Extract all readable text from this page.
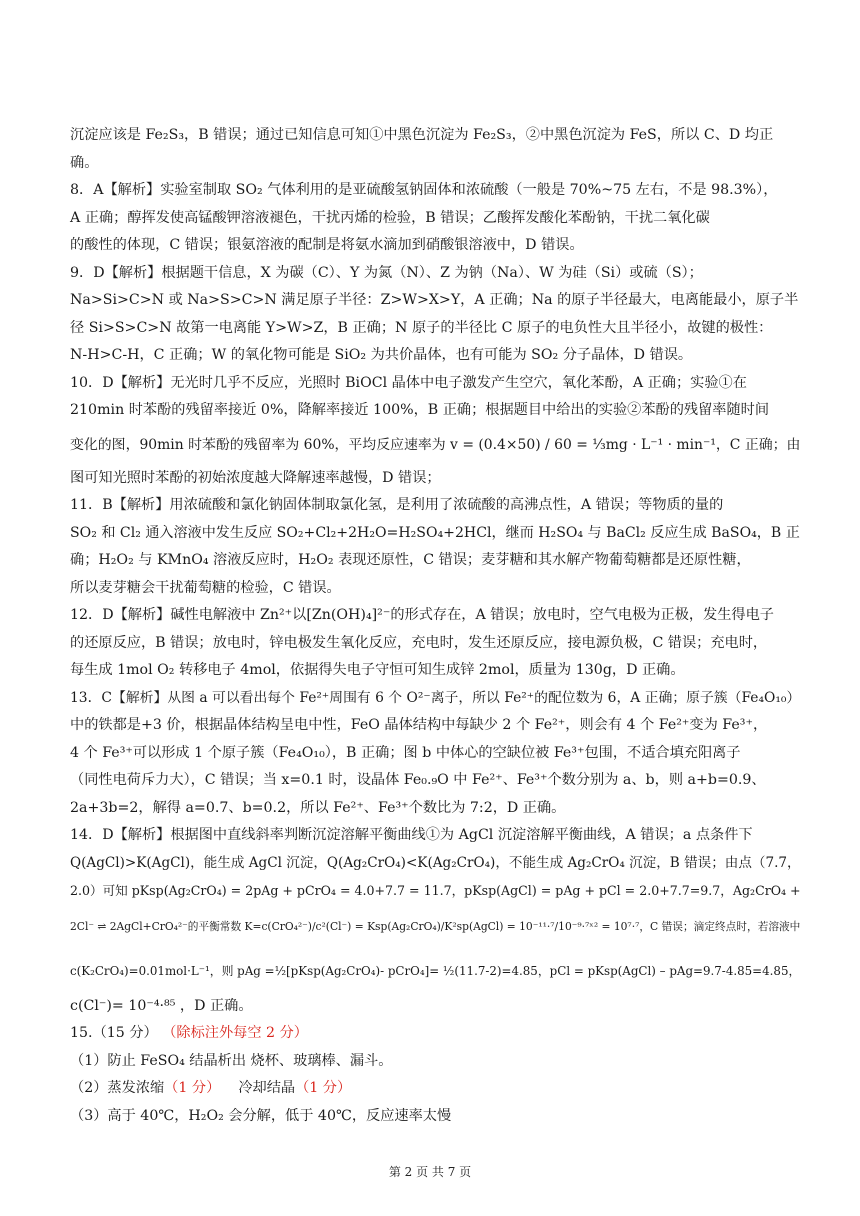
沉淀应该是 Fe₂S₃，B 错误；通过已知信息可知①中黑色沉淀为 Fe₂S₃，②中黑色沉淀为 FeS，所以 C、D 均正
确。
8．A【解析】实验室制取 SO₂ 气体利用的是亚硫酸氢钠固体和浓硫酸（一般是 70%~75 左右，不是 98.3%），
A 正确；醇挥发使高锰酸钾溶液褪色，干扰丙烯的检验，B 错误；乙酸挥发酸化苯酚钠，干扰二氧化碳
的酸性的体现，C 错误；银氨溶液的配制是将氨水滴加到硝酸银溶液中，D 错误。
9．D【解析】根据题干信息，X 为碳（C）、Y 为氮（N）、Z 为钠（Na）、W 为硅（Si）或硫（S）；
Na>Si>C>N 或 Na>S>C>N 满足原子半径：Z>W>X>Y，A 正确；Na 的原子半径最大，电离能最小，原子半
径 Si>S>C>N 故第一电离能 Y>W>Z，B 正确；N 原子的半径比 C 原子的电负性大且半径小，故键的极性：
N-H>C-H，C 正确；W 的氧化物可能是 SiO₂ 为共价晶体，也有可能为 SO₂ 分子晶体，D 错误。
10．D【解析】无光时几乎不反应，光照时 BiOCl 晶体中电子激发产生空穴，氧化苯酚，A 正确；实验①在
210min 时苯酚的残留率接近 0%，降解率接近 100%，B 正确；根据题目中给出的实验②苯酚的残留率随时间
变化的图，90min 时苯酚的残留率为 60%，平均反应速率为 v = (0.4×50) / 60 = ⅓mg · L⁻¹ · min⁻¹，C 正确；由
图可知光照时苯酚的初始浓度越大降解速率越慢，D 错误；
11．B【解析】用浓硫酸和氯化钠固体制取氯化氢，是利用了浓硫酸的高沸点性，A 错误；等物质的量的
SO₂ 和 Cl₂ 通入溶液中发生反应 SO₂+Cl₂+2H₂O=H₂SO₄+2HCl，继而 H₂SO₄ 与 BaCl₂ 反应生成 BaSO₄，B 正
确；H₂O₂ 与 KMnO₄ 溶液反应时，H₂O₂ 表现还原性，C 错误；麦芽糖和其水解产物葡萄糖都是还原性糖，
所以麦芽糖会干扰葡萄糖的检验，C 错误。
12．D【解析】碱性电解液中 Zn²⁺以[Zn(OH)₄]²⁻的形式存在，A 错误；放电时，空气电极为正极，发生得电子
的还原反应，B 错误；放电时，锌电极发生氧化反应，充电时，发生还原反应，接电源负极，C 错误；充电时，
每生成 1mol O₂ 转移电子 4mol，依据得失电子守恒可知生成锌 2mol，质量为 130g，D 正确。
13．C【解析】从图 a 可以看出每个 Fe²⁺周围有 6 个 O²⁻离子，所以 Fe²⁺的配位数为 6，A 正确；原子簇（Fe₄O₁₀）
中的铁都是+3 价，根据晶体结构呈电中性，FeO 晶体结构中每缺少 2 个 Fe²⁺，则会有 4 个 Fe²⁺变为 Fe³⁺，
4 个 Fe³⁺可以形成 1 个原子簇（Fe₄O₁₀），B 正确；图 b 中体心的空缺位被 Fe³⁺包围，不适合填充阳离子
（同性电荷斥力大），C 错误；当 x=0.1 时，设晶体 Fe₀.₉O 中 Fe²⁺、Fe³⁺个数分别为 a、b，则 a+b=0.9、
2a+3b=2，解得 a=0.7、b=0.2，所以 Fe²⁺、Fe³⁺个数比为 7:2，D 正确。
14．D【解析】根据图中直线斜率判断沉淀溶解平衡曲线①为 AgCl 沉淀溶解平衡曲线，A 错误；a 点条件下
Q(AgCl)>K(AgCl)，能生成 AgCl 沉淀，Q(Ag₂CrO₄)<K(Ag₂CrO₄)，不能生成 Ag₂CrO₄ 沉淀，B 错误；由点（7.7，
2.0）可知 pKsp(Ag₂CrO₄) = 2pAg + pCrO₄ = 4.0+7.7 = 11.7，pKsp(AgCl) = pAg + pCl = 2.0+7.7=9.7，Ag₂CrO₄ +
2Cl⁻ ⇌ 2AgCl+CrO₄²⁻的平衡常数 K=c(CrO₄²⁻)/c²(Cl⁻) = Ksp(Ag₂CrO₄)/K²sp(AgCl) = 10⁻¹¹·⁷/10⁻⁹·⁷ˣ² = 10⁷·⁷，C 错误；滴定终点时，若溶液中
c(K₂CrO₄)=0.01mol·L⁻¹，则 pAg =½[pKsp(Ag₂CrO₄)- pCrO₄]= ½(11.7-2)=4.85，pCl = pKsp(AgCl) – pAg=9.7-4.85=4.85，
c(Cl⁻)= 10⁻⁴·⁸⁵ ，D 正确。
15.（15 分） （除标注外每空 2 分）
（1）防止 FeSO₄ 结晶析出 烧杯、玻璃棒、漏斗。
（2）蒸发浓缩（1 分） 冷却结晶（1 分）
（3）高于 40℃，H₂O₂ 会分解，低于 40℃，反应速率太慢
第 2 页 共 7 页
